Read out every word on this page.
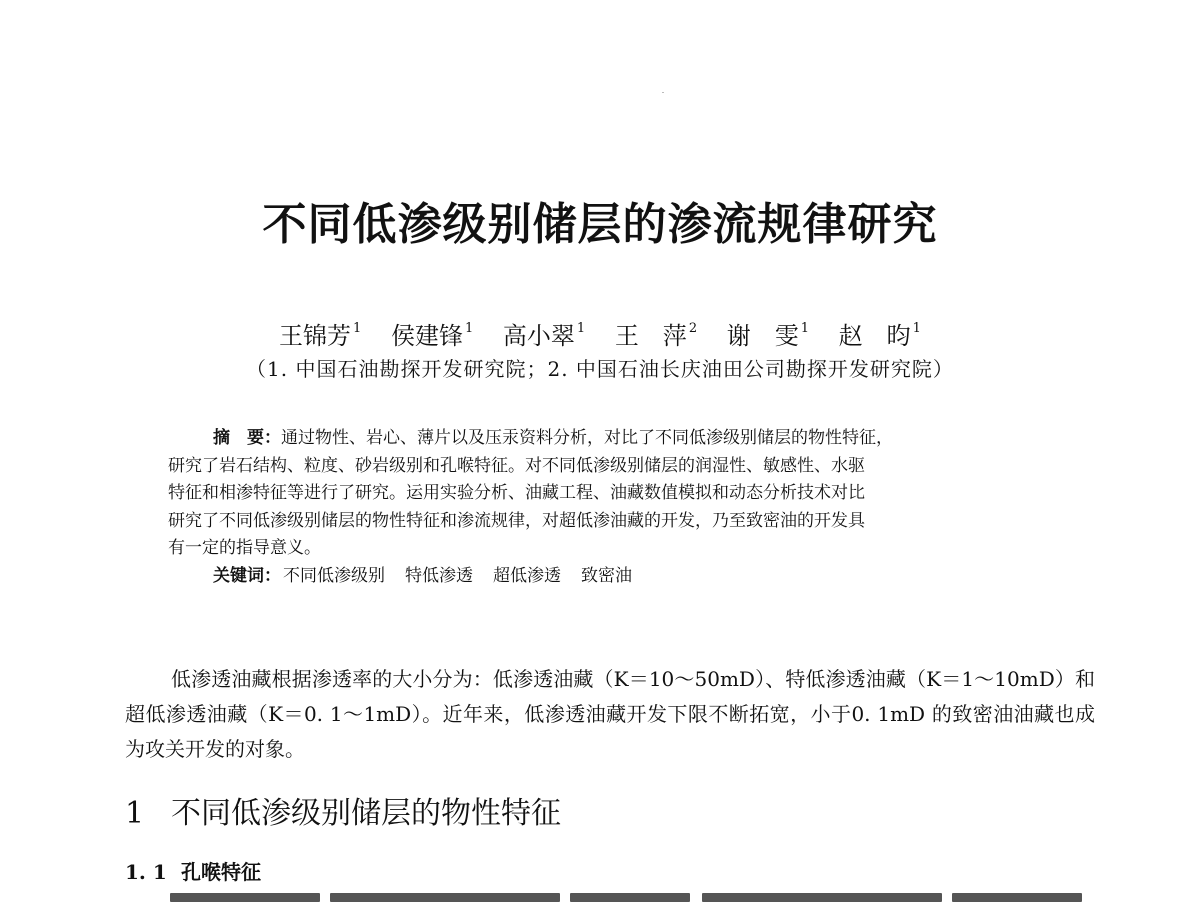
不同低渗级别储层的渗流规律研究
王锦芳 $^1$ 侯建锋 $^1$ 高小翠 $^1$ 王　萍 $^2$ 谢　雯 $^1$ 赵　昀 $^1$
（1. 中国石油勘探开发研究院；2. 中国石油长庆油田公司勘探开发研究院）

摘　要：通过物性、岩心、薄片以及压汞资料分析，对比了不同低渗级别储层的物性特征，

研究了岩石结构、粒度、砂岩级别和孔喉特征。对不同低渗级别储层的润湿性、敏感性、水驱

特征和相渗特征等进行了研究。运用实验分析、油藏工程、油藏数值模拟和动态分析技术对比

研究了不同低渗级别储层的物性特征和渗流规律，对超低渗油藏的开发，乃至致密油的开发具

有一定的指导意义。

关键词： 不同低渗级别 特低渗透 超低渗透 致密油

低渗透油藏根据渗透率的大小分为：低渗透油藏（K＝10～50mD）、特低渗透油藏（K＝1～10mD）和超低渗透油藏（K＝0. 1～1mD）。近年来，低渗透油藏开发下限不断拓宽，小于0. 1mD 的致密油油藏也成为攻关开发的对象。

1 不同低渗级别储层的物性特征
1. 1 孔喉特征
